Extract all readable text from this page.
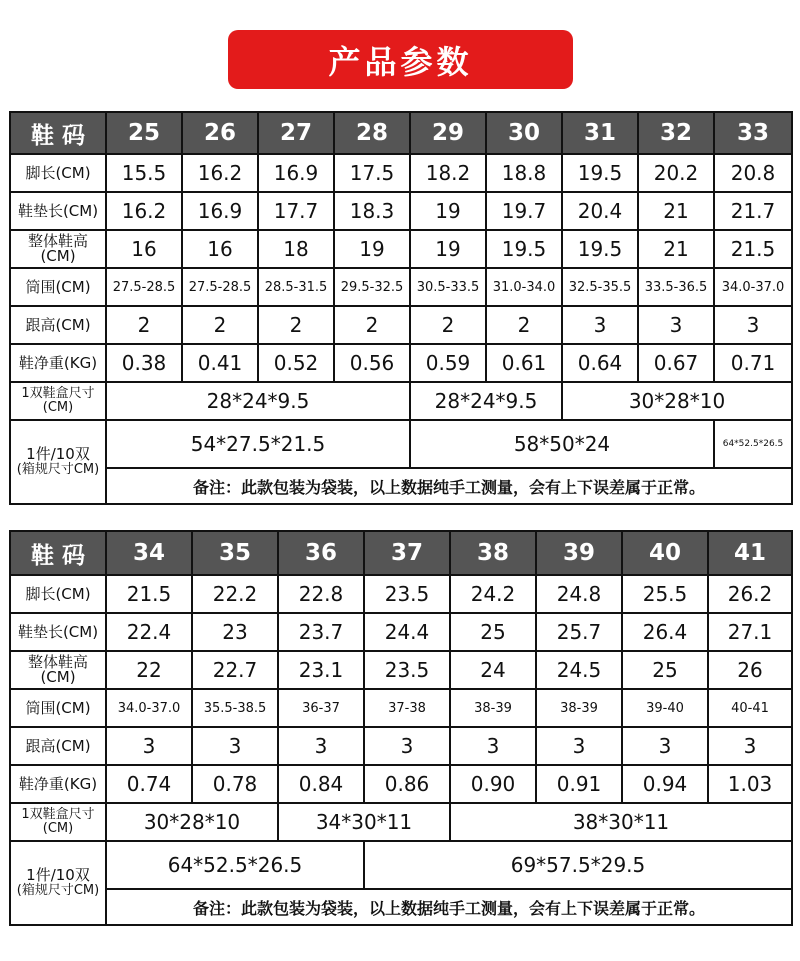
产品参数
鞋 码	25	26	27	28	29	30	31	32	33
脚长(CM)	15.5	16.2	16.9	17.5	18.2	18.8	19.5	20.2	20.8
鞋垫长(CM)	16.2	16.9	17.7	18.3	19	19.7	20.4	21	21.7
整体鞋高
(CM)	16	16	18	19	19	19.5	19.5	21	21.5
筒围(CM)	27.5-28.5	27.5-28.5	28.5-31.5	29.5-32.5	30.5-33.5	31.0-34.0	32.5-35.5	33.5-36.5	34.0-37.0
跟高(CM)	2	2	2	2	2	2	3	3	3
鞋净重(KG)	0.38	0.41	0.52	0.56	0.59	0.61	0.64	0.67	0.71
1双鞋盒尺寸
(CM)	28*24*9.5				28*24*9.5		30*28*10		
1件/10双
(箱规尺寸CM)	54*27.5*21.5				58*50*24				64*52.5*26.5
	备注：此款包装为袋装，以上数据纯手工测量，会有上下误差属于正常。								
鞋 码	34	35	36	37	38	39	40	41
脚长(CM)	21.5	22.2	22.8	23.5	24.2	24.8	25.5	26.2
鞋垫长(CM)	22.4	23	23.7	24.4	25	25.7	26.4	27.1
整体鞋高
(CM)	22	22.7	23.1	23.5	24	24.5	25	26
筒围(CM)	34.0-37.0	35.5-38.5	36-37	37-38	38-39	38-39	39-40	40-41
跟高(CM)	3	3	3	3	3	3	3	3
鞋净重(KG)	0.74	0.78	0.84	0.86	0.90	0.91	0.94	1.03
1双鞋盒尺寸
(CM)	30*28*10		34*30*11		38*30*11			
1件/10双
(箱规尺寸CM)	64*52.5*26.5			69*57.5*29.5				
	备注：此款包装为袋装，以上数据纯手工测量，会有上下误差属于正常。							
